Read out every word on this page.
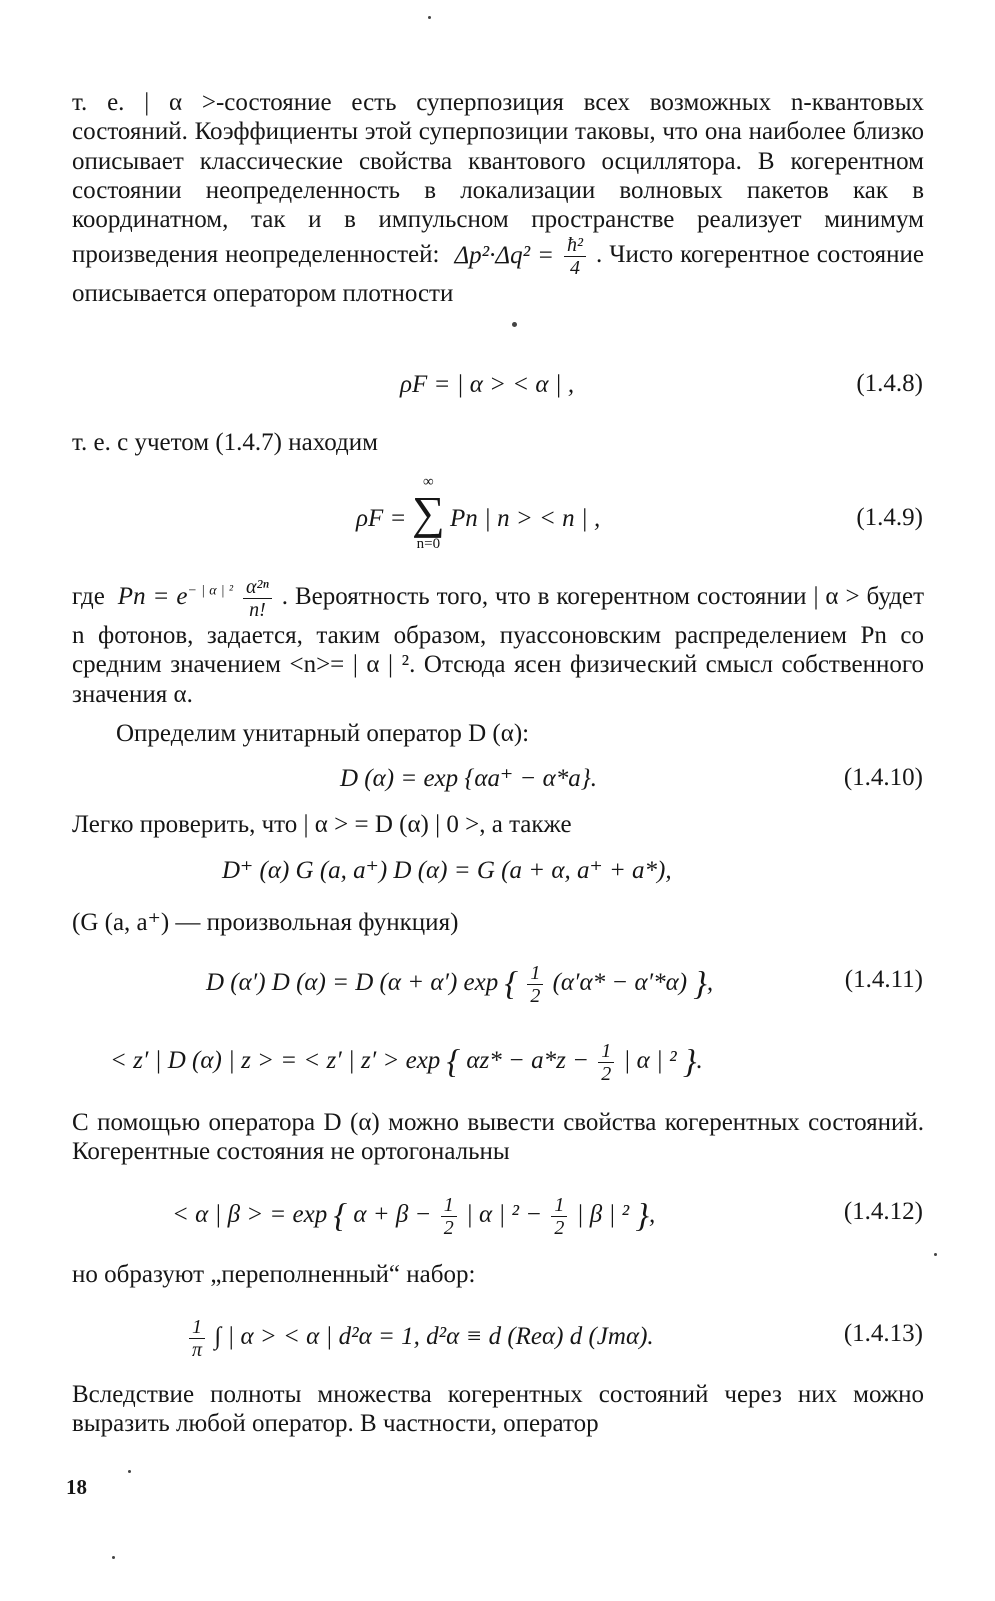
т. е. | α >-состояние есть суперпозиция всех возможных n-квантовых состояний. Коэффициенты этой суперпозиции таковы, что она наиболее близко описывает классические свойства квантового осциллятора. В когерентном состоянии неопределенность в локализации волновых пакетов как в координатном, так и в импульсном пространстве реализует минимум произведения неопределенностей: $\Delta p^2\cdot\Delta q^2 = \frac{\text{ħ²}}{4}$ . Чисто когерентное состояние описывается оператором плотности

ρF = | α > < α | ,	(1.4.8)

т. е. с учетом (1.4.7) находим

ρF =
∞
∑
n=0
Pn | n > < n | ,	(1.4.9)

где $Pn = e^{- | \alpha | ^2} \frac{\text{α²ⁿ}}{n!}$ . Вероятность того, что в когерентном состоянии | α > будет n фотонов, задается, таким образом, пуассоновским распределением Pn со средним значением <n>= | α | ². Отсюда ясен физический смысл собственного значения α.

Определим унитарный оператор D (α):

D (α) = exp {αa⁺ − α*a}.	(1.4.10)

Легко проверить, что | α > = D (α) | 0 >, а также

D⁺ (α) G (a, a⁺) D (α) = G (a + α, a⁺ + a*),

(G (a, a⁺) — произвольная функция)

D (α′) D (α) = D (α + α′) exp { $\frac{1}{2} (\alpha'\alpha* - \alpha'*\alpha)$ },	(1.4.11)
< z′ | D (α) | z > = < z′ | z′ > exp { $\alpha z* - a*z - \frac{1}{2}$ | α | ² }.

С помощью оператора D (α) можно вывести свойства когерентных состояний. Когерентные состояния не ортогональны

< α | β > = exp { $\alpha + \beta - \frac{1}{2}$ | α | $^2 - \frac{1}{2}$ | β | ² },	(1.4.12)

но образуют „переполненный“ набор:

$\frac{1}{\pi}$ ∫ | α > < α | d²α = 1, d²α ≡ d (Reα) d (Jmα).	(1.4.13)

Вследствие полноты множества когерентных состояний через них можно выразить любой оператор. В частности, оператор

18
